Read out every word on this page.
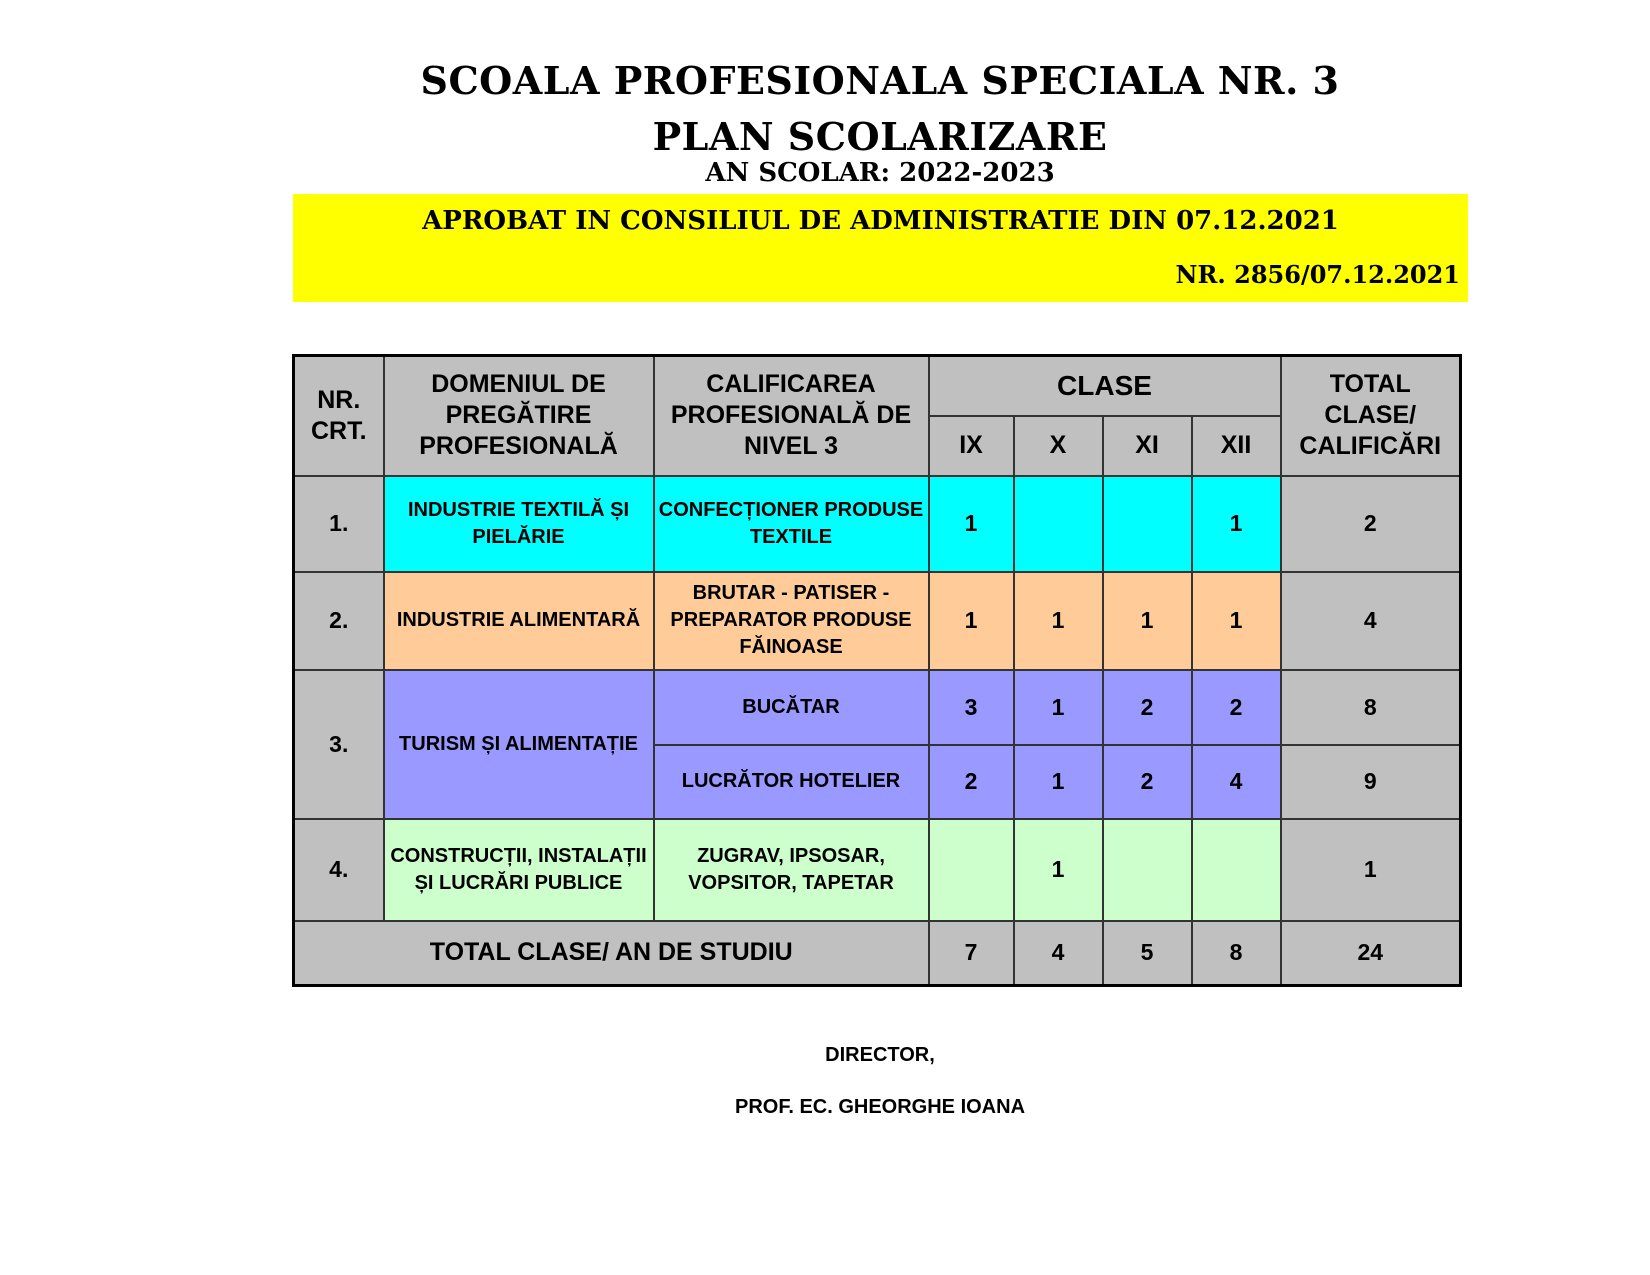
SCOALA PROFESIONALA SPECIALA NR. 3
PLAN SCOLARIZARE
AN SCOLAR: 2022-2023
APROBAT IN CONSILIUL DE ADMINISTRATIE DIN 07.12.2021
NR. 2856/07.12.2021
NR. CRT.	DOMENIUL DE PREGĂTIRE PROFESIONALĂ	CALIFICAREA PROFESIONALĂ DE NIVEL 3	CLASE				TOTAL CLASE/ CALIFICĂRI
			IX	X	XI	XII	
1.	INDUSTRIE TEXTILĂ ȘI PIELĂRIE	CONFECȚIONER PRODUSE TEXTILE	1			1	2
2.	INDUSTRIE ALIMENTARĂ	BRUTAR - PATISER - PREPARATOR PRODUSE FĂINOASE	1	1	1	1	4
3.	TURISM ȘI ALIMENTAȚIE	BUCĂTAR	3	1	2	2	8
		LUCRĂTOR HOTELIER	2	1	2	4	9
4.	CONSTRUCȚII, INSTALAȚII ȘI LUCRĂRI PUBLICE	ZUGRAV, IPSOSAR, VOPSITOR, TAPETAR		1			1
TOTAL CLASE/ AN DE STUDIU			7	4	5	8	24
DIRECTOR,
PROF. EC. GHEORGHE IOANA
